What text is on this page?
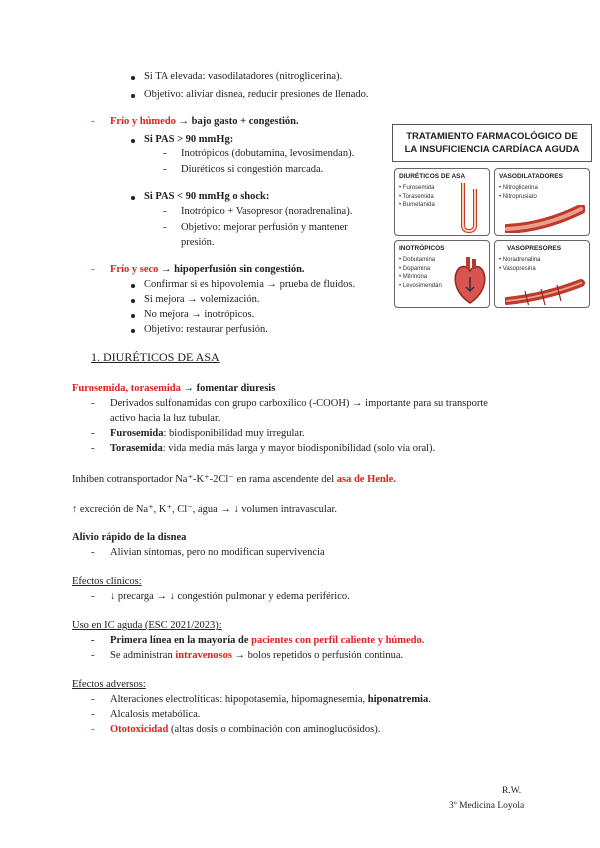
Si TA elevada: vasodilatadores (nitroglicerina).
Objetivo: aliviar disnea, reducir presiones de llenado.
- Frío y húmedo → bajo gasto + congestión.
Si PAS > 90 mmHg:
- Inotrópicos (dobutamina, levosimendan).
- Diuréticos si congestión marcada.
Si PAS < 90 mmHg o shock:
- Inotrópico + Vasopresor (noradrenalina).
- Objetivo: mejorar perfusión y mantener
presión.
- Frío y seco → hipoperfusión sin congestión.
Confirmar si es hipovolemia → prueba de fluidos.
Si mejora → volemización.
No mejora → inotrópicos.
Objetivo: restaurar perfusión.
1. DIURÉTICOS DE ASA
Furosemida, torasemida → fomentar diuresis
- Derivados sulfonamidas con grupo carboxílico (-COOH) → importante para su transporte
activo hacia la luz tubular.
- Furosemida: biodisponibilidad muy irregular.
- Torasemida: vida media más larga y mayor biodisponibilidad (solo vía oral).
Inhiben cotransportador Na⁺-K⁺-2Cl⁻ en rama ascendente del asa de Henle.
↑ excreción de Na⁺, K⁺, Cl⁻, agua → ↓ volumen intravascular.
Alivio rápido de la disnea
- Alivian síntomas, pero no modifican supervivencia
Efectos clínicos:
- ↓ precarga → ↓ congestión pulmonar y edema periférico.
Uso en IC aguda (ESC 2021/2023):
- Primera línea en la mayoría de pacientes con perfil caliente y húmedo.
- Se administran intravenosos → bolos repetidos o perfusión continua.
Efectos adversos:
- Alteraciones electrolíticas: hipopotasemia, hipomagnesemia, hiponatremia.
- Alcalosis metabólica.
- Ototoxicidad (altas dosis o combinación con aminoglucósidos).
R.W.
3º Medicina Loyola
TRATAMIENTO FARMACOLÓGICO DE
LA INSUFICIENCIA CARDÍACA AGUDA
DIURÉTICOS DE ASA
• Furosemida
• Torasemida
• Bumetanida
VASODILATADORES
• Nitroglicerina
• Nitroprusiato
INOTRÓPICOS
• Dobutamina
• Dopamina
• Milrinona
• Levosimendán
VASOPRESORES
• Noradrenalina
• Vasopresina
